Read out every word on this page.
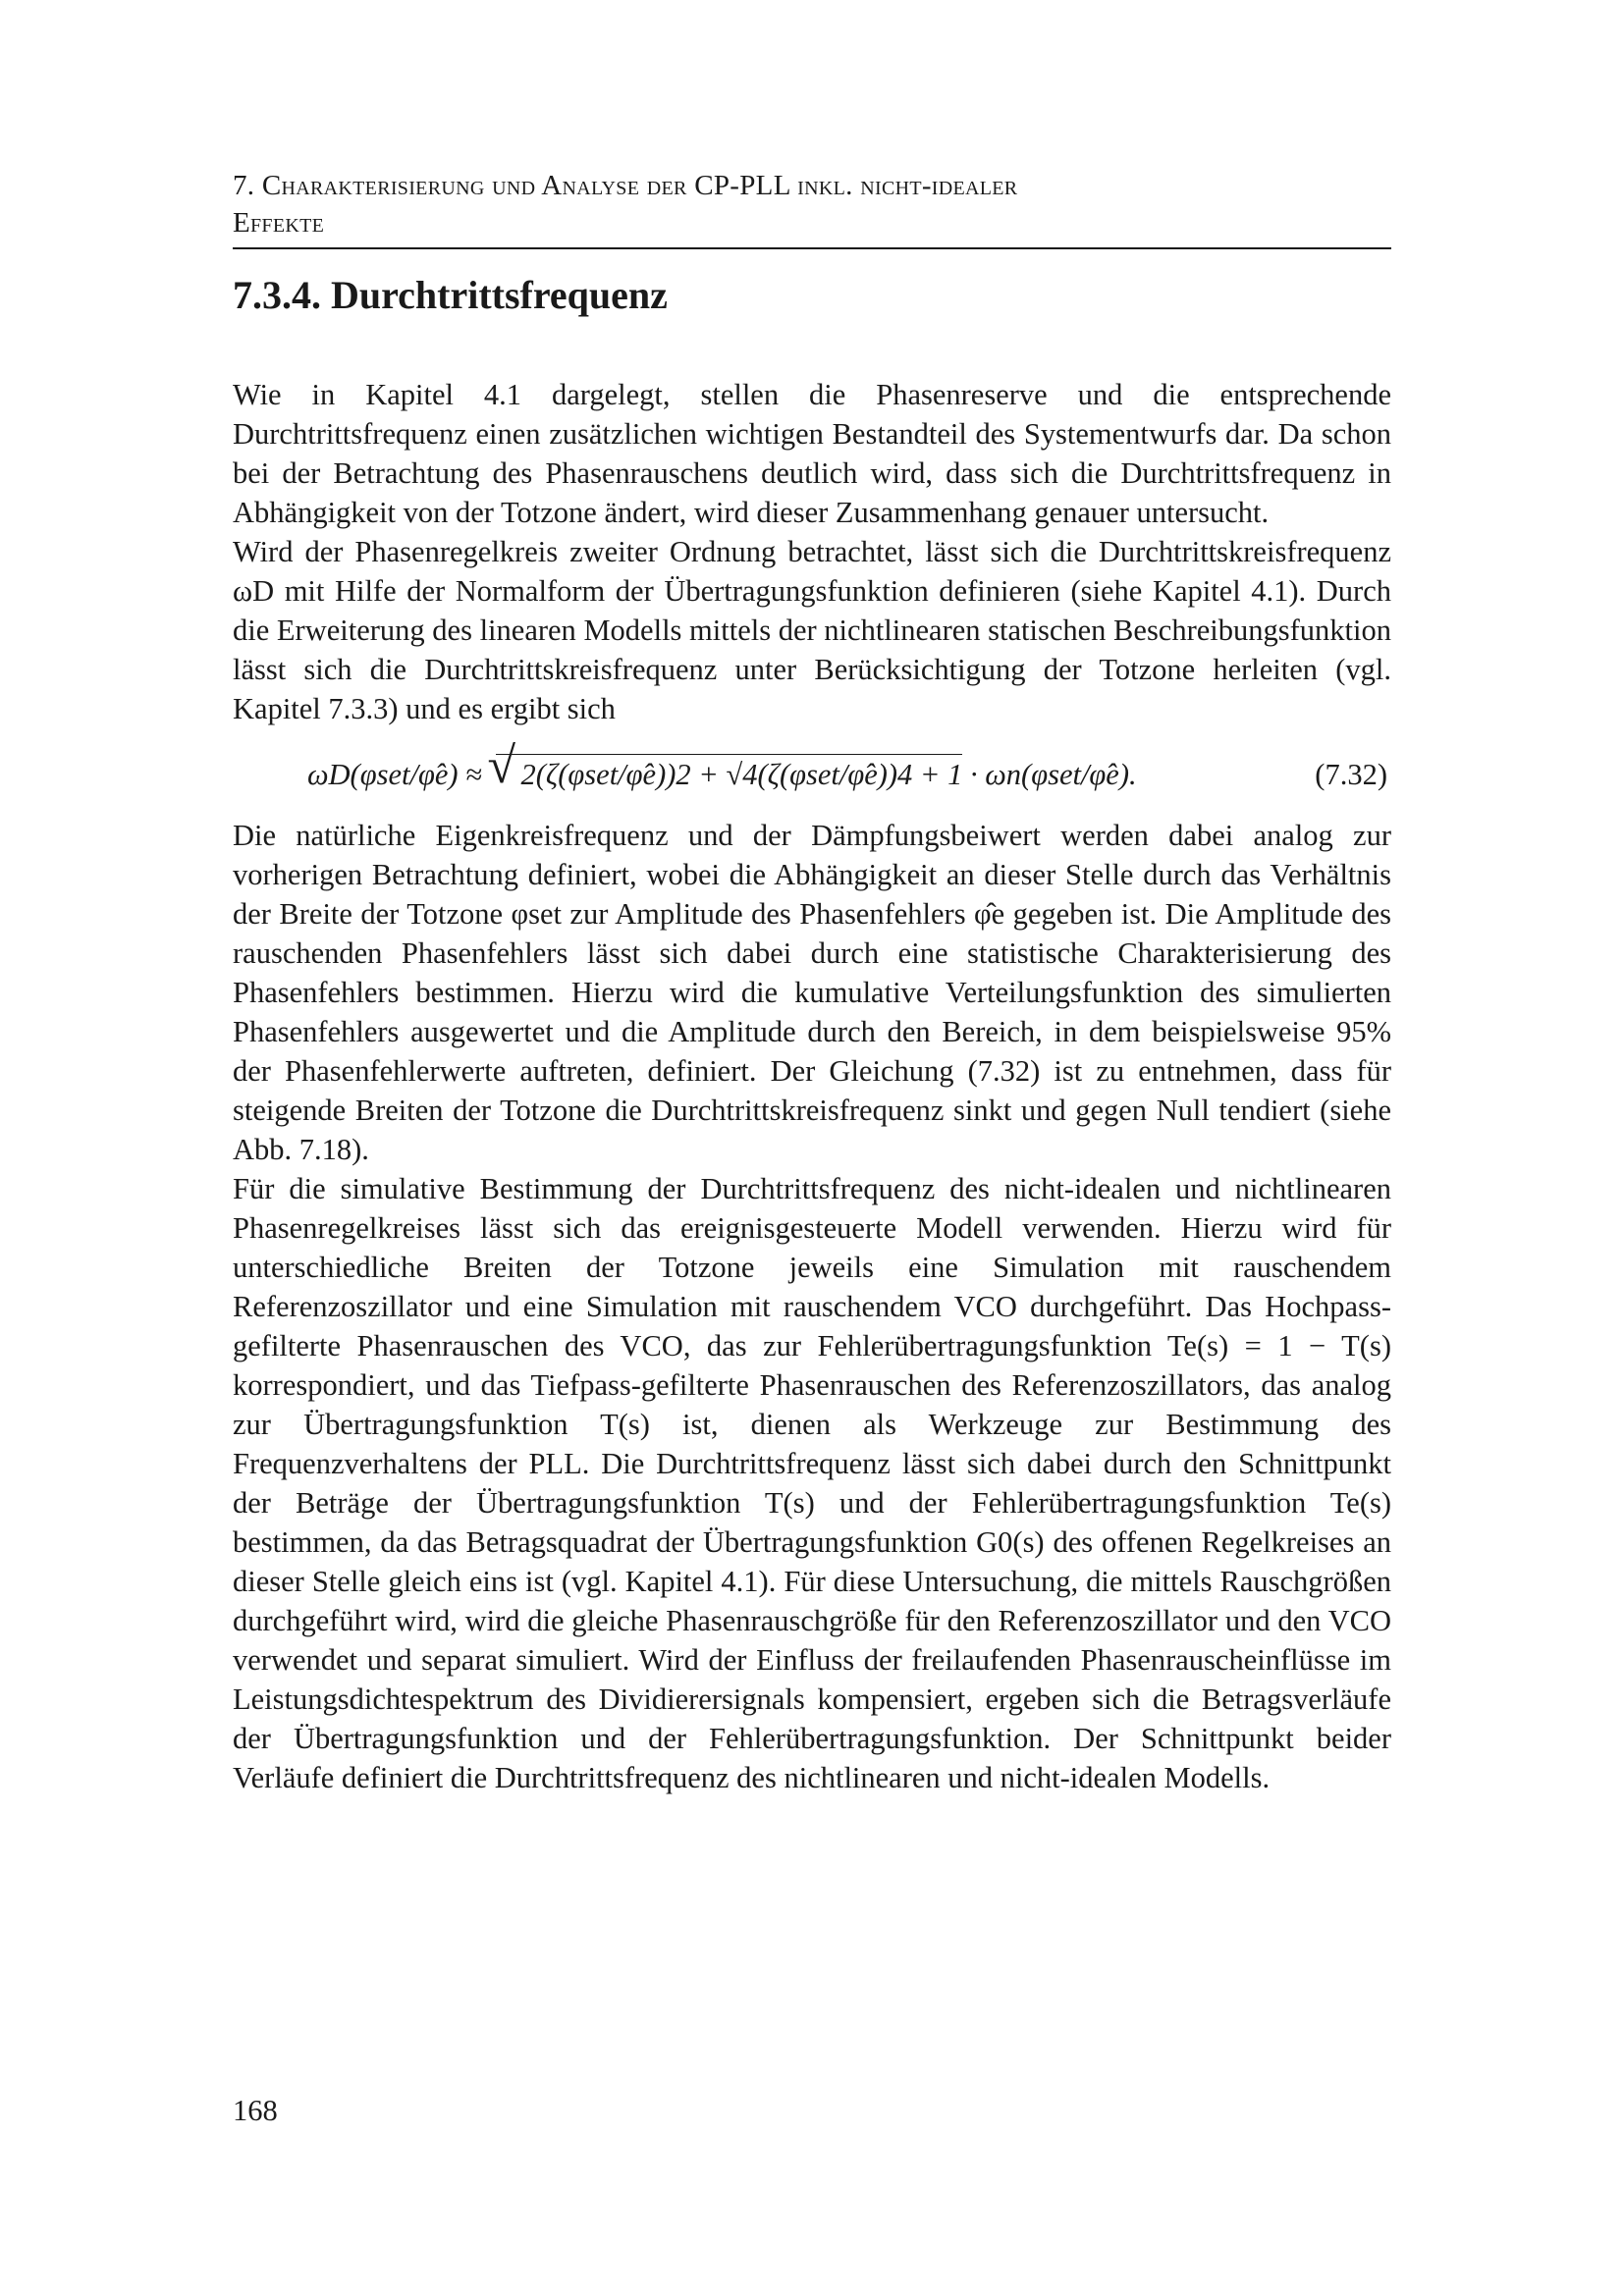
7. Charakterisierung und Analyse der CP-PLL inkl. nicht-idealer
Effekte
7.3.4. Durchtrittsfrequenz

Wie in Kapitel 4.1 dargelegt, stellen die Phasenreserve und die entsprechende Durchtrittsfrequenz einen zusätzlichen wichtigen Bestandteil des Systementwurfs dar. Da schon bei der Betrachtung des Phasenrauschens deutlich wird, dass sich die Durchtrittsfrequenz in Abhängigkeit von der Totzone ändert, wird dieser Zusammenhang genauer untersucht.

Wird der Phasenregelkreis zweiter Ordnung betrachtet, lässt sich die Durchtrittskreisfrequenz ωD mit Hilfe der Normalform der Übertragungsfunktion definieren (siehe Kapitel 4.1). Durch die Erweiterung des linearen Modells mittels der nichtlinearen statischen Beschreibungsfunktion lässt sich die Durchtrittskreisfrequenz unter Berücksichtigung der Totzone herleiten (vgl. Kapitel 7.3.3) und es ergibt sich

ωD(φset/φ̂e) ≈ √ 2(ζ(φset/φ̂e))2 + √4(ζ(φset/φ̂e))4 + 1 · ωn(φset/φ̂e).	(7.32)

Die natürliche Eigenkreisfrequenz und der Dämpfungsbeiwert werden dabei analog zur vorherigen Betrachtung definiert, wobei die Abhängigkeit an dieser Stelle durch das Verhältnis der Breite der Totzone φset zur Amplitude des Phasenfehlers φ̂e gegeben ist. Die Amplitude des rauschenden Phasenfehlers lässt sich dabei durch eine statistische Charakterisierung des Phasenfehlers bestimmen. Hierzu wird die kumulative Verteilungsfunktion des simulierten Phasenfehlers ausgewertet und die Amplitude durch den Bereich, in dem beispielsweise 95% der Phasenfehlerwerte auftreten, definiert. Der Gleichung (7.32) ist zu entnehmen, dass für steigende Breiten der Totzone die Durchtrittskreisfrequenz sinkt und gegen Null tendiert (siehe Abb. 7.18).

Für die simulative Bestimmung der Durchtrittsfrequenz des nicht-idealen und nichtlinearen Phasenregelkreises lässt sich das ereignisgesteuerte Modell verwenden. Hierzu wird für unterschiedliche Breiten der Totzone jeweils eine Simulation mit rauschendem Referenzoszillator und eine Simulation mit rauschendem VCO durchgeführt. Das Hochpass-gefilterte Phasenrauschen des VCO, das zur Fehlerübertragungsfunktion Te(s) = 1 − T(s) korrespondiert, und das Tiefpass-gefilterte Phasenrauschen des Referenzoszillators, das analog zur Übertragungsfunktion T(s) ist, dienen als Werkzeuge zur Bestimmung des Frequenzverhaltens der PLL. Die Durchtrittsfrequenz lässt sich dabei durch den Schnittpunkt der Beträge der Übertragungsfunktion T(s) und der Fehlerübertragungsfunktion Te(s) bestimmen, da das Betragsquadrat der Übertragungsfunktion G0(s) des offenen Regelkreises an dieser Stelle gleich eins ist (vgl. Kapitel 4.1). Für diese Untersuchung, die mittels Rauschgrößen durchgeführt wird, wird die gleiche Phasenrauschgröße für den Referenzoszillator und den VCO verwendet und separat simuliert. Wird der Einfluss der freilaufenden Phasenrauscheinflüsse im Leistungsdichtespektrum des Dividierersignals kompensiert, ergeben sich die Betragsverläufe der Übertragungsfunktion und der Fehlerübertragungsfunktion. Der Schnittpunkt beider Verläufe definiert die Durchtrittsfrequenz des nichtlinearen und nicht-idealen Modells.

168
